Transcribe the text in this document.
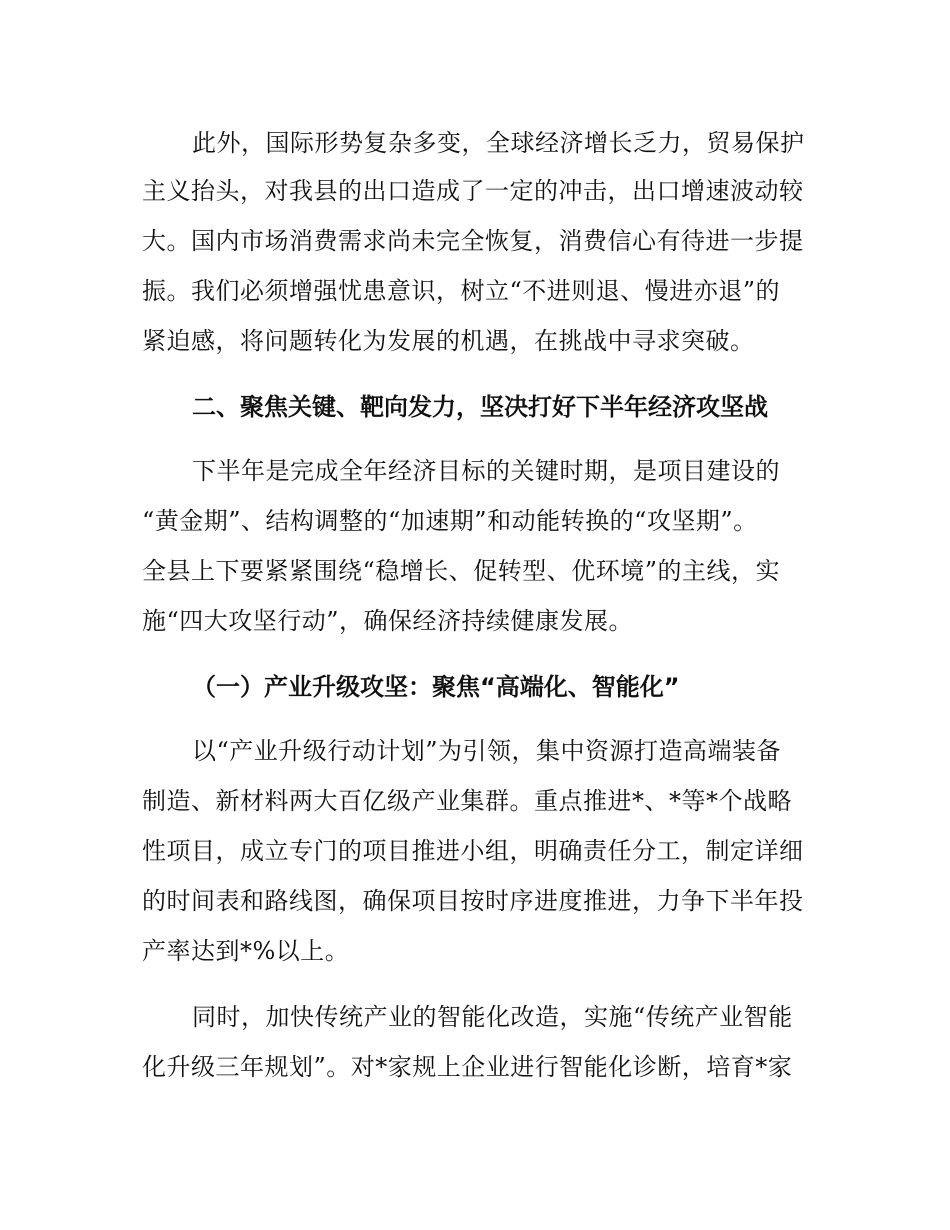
此外，国际形势复杂多变，全球经济增长乏力，贸易保护
主义抬头，对我县的出口造成了一定的冲击，出口增速波动较
大。国内市场消费需求尚未完全恢复，消费信心有待进一步提
振。我们必须增强忧患意识，树立“不进则退、慢进亦退”的
紧迫感，将问题转化为发展的机遇，在挑战中寻求突破。
二、聚焦关键、靶向发力，坚决打好下半年经济攻坚战
下半年是完成全年经济目标的关键时期，是项目建设的
“黄金期”、结构调整的“加速期”和动能转换的“攻坚期”。
全县上下要紧紧围绕“稳增长、促转型、优环境”的主线，实
施“四大攻坚行动”，确保经济持续健康发展。
（一）产业升级攻坚：聚焦“高端化、智能化”
以“产业升级行动计划”为引领，集中资源打造高端装备
制造、新材料两大百亿级产业集群。重点推进*、*等*个战略
性项目，成立专门的项目推进小组，明确责任分工，制定详细
的时间表和路线图，确保项目按时序进度推进，力争下半年投
产率达到*%以上。
同时，加快传统产业的智能化改造，实施“传统产业智能
化升级三年规划”。对*家规上企业进行智能化诊断，培育*家
